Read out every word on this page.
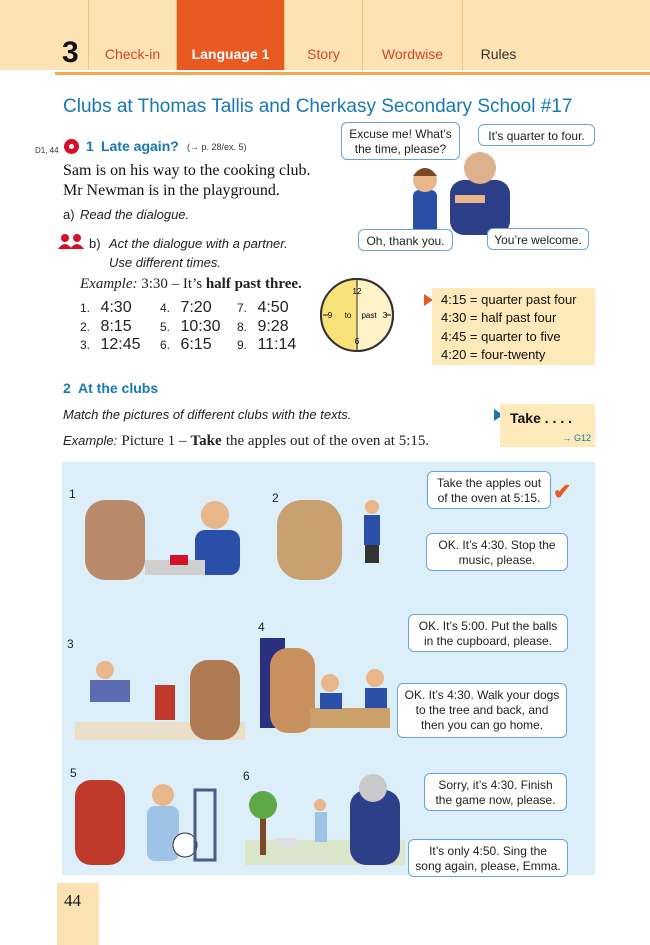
3	Check-in	Language 1	Story	Wordwise	Rules
Clubs at Thomas Tallis and Cherkasy Secondary School #17
D1, 44 1 Late again? (→ p. 28/ex. 5)
Sam is on his way to the cooking club.
Mr Newman is in the playground.
a) Read the dialogue.
b) Act the dialogue with a partner.
Use different times.
Example: 3:30 – It’s half past three.
1. 4:30 4. 7:20 7. 4:50
2. 8:15 5. 10:30 8. 9:28
3. 12:45 6. 6:15 9. 11:14
12
6
9	3
to past
4:15 = quarter past four
4:30 = half past four
4:45 = quarter to five
4:20 = four-twenty
Excuse me! What’s the time, please?
It’s quarter to four.
Oh, thank you.	You’re welcome.
2 At the clubs
Match the pictures of different clubs with the texts.
Example: Picture 1 – Take the apples out of the oven at 5:15.
Take . . . .
→ G12
1	2
3
4
5	6
Take the apples out of the oven at 5:15. ✔
OK. It’s 4:30. Stop the music, please.
OK. It’s 5:00. Put the balls in the cupboard, please.
OK. It’s 4:30. Walk your dogs to the tree and back, and then you can go home.
Sorry, it’s 4:30. Finish the game now, please.
It’s only 4:50. Sing the song again, please, Emma.
44
